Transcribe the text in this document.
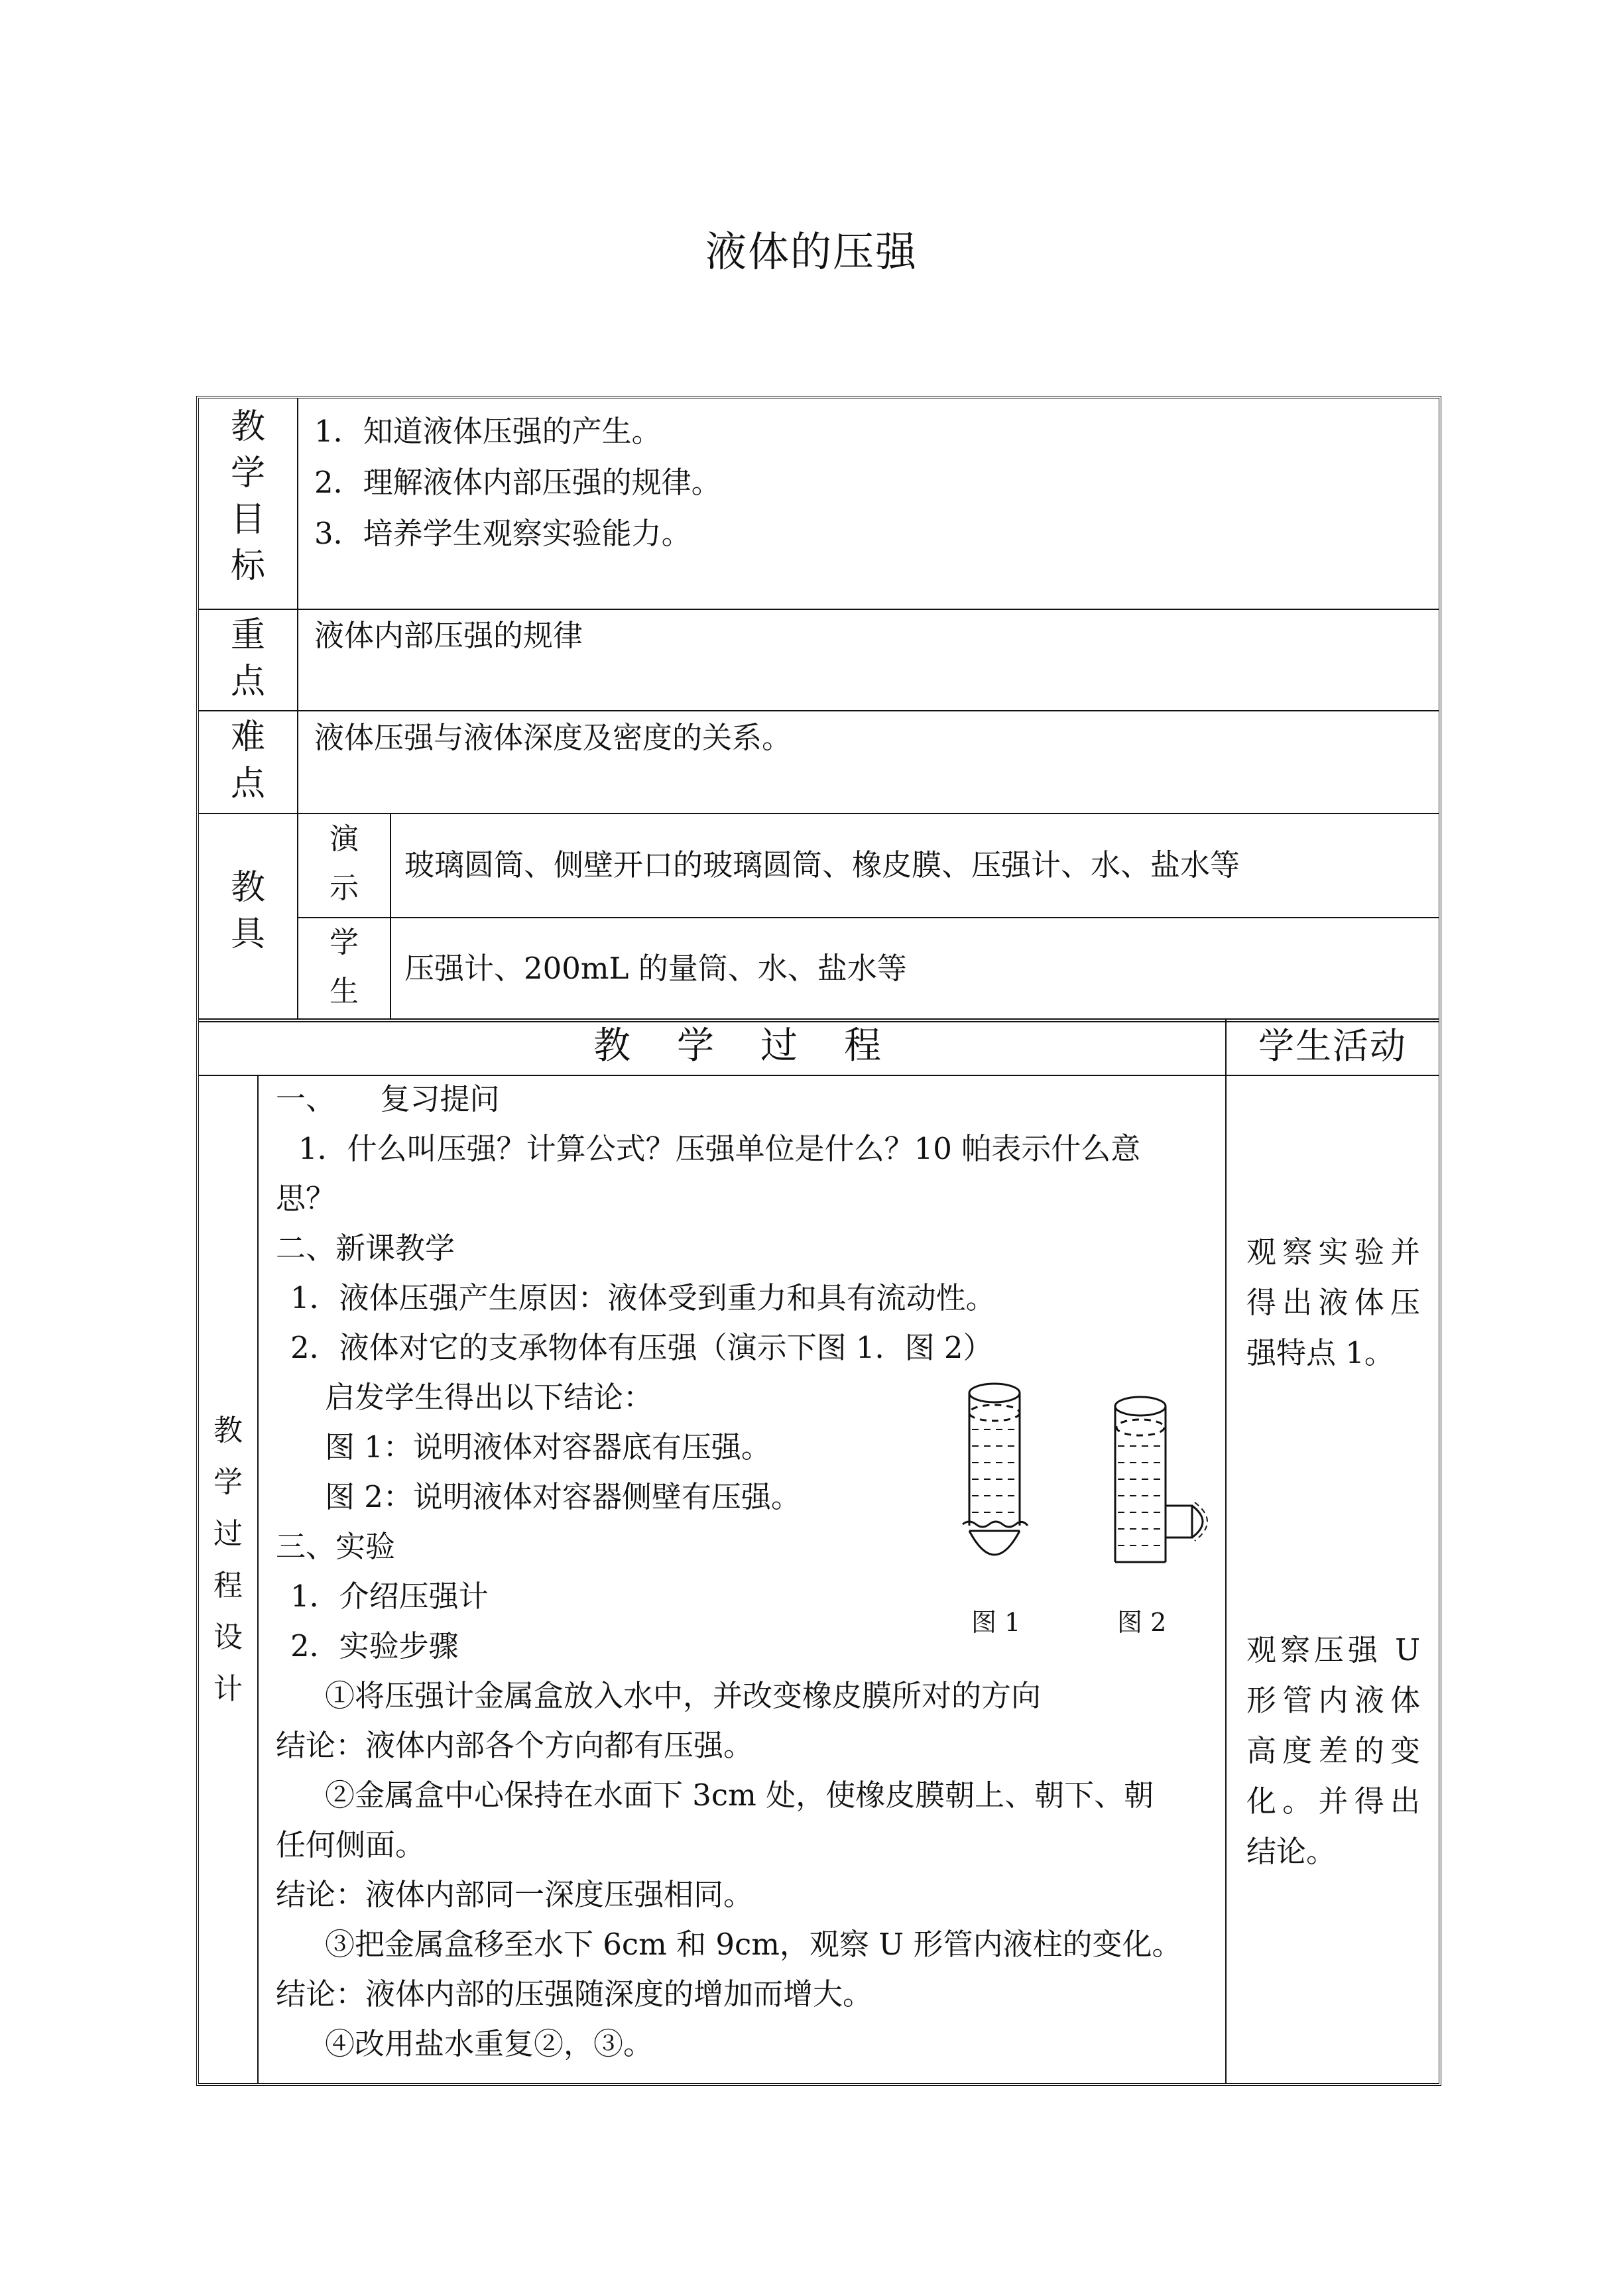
液体的压强
教
学
目
标
1．知道液体压强的产生。
2．理解液体内部压强的规律。
3．培养学生观察实验能力。
重
点
液体内部压强的规律
难
点
液体压强与液体深度及密度的关系。
教
具
演
示
玻璃圆筒、侧壁开口的玻璃圆筒、橡皮膜、压强计、水、盐水等
学
生
压强计、200mL 的量筒、水、盐水等
教学过程	学生活动
教
学
过
程
设
计
一、　　复习提问
1．什么叫压强？计算公式？压强单位是什么？10 帕表示什么意
思？
二、新课教学
1．液体压强产生原因：液体受到重力和具有流动性。
2．液体对它的支承物体有压强（演示下图 1．图 2）
启发学生得出以下结论：
图 1：说明液体对容器底有压强。
图 2：说明液体对容器侧壁有压强。
三、实验
1．介绍压强计
2．实验步骤
①将压强计金属盒放入水中，并改变橡皮膜所对的方向
结论：液体内部各个方向都有压强。
②金属盒中心保持在水面下 3cm 处，使橡皮膜朝上、朝下、朝
任何侧面。
结论：液体内部同一深度压强相同。
③把金属盒移至水下 6cm 和 9cm，观察 U 形管内液柱的变化。
结论：液体内部的压强随深度的增加而增大。
④改用盐水重复②，③。
图 1	图 2
观察实验并得出液体压强特点 1。
观察压强 U 形管内液体高度差的变化。并得出结论。
